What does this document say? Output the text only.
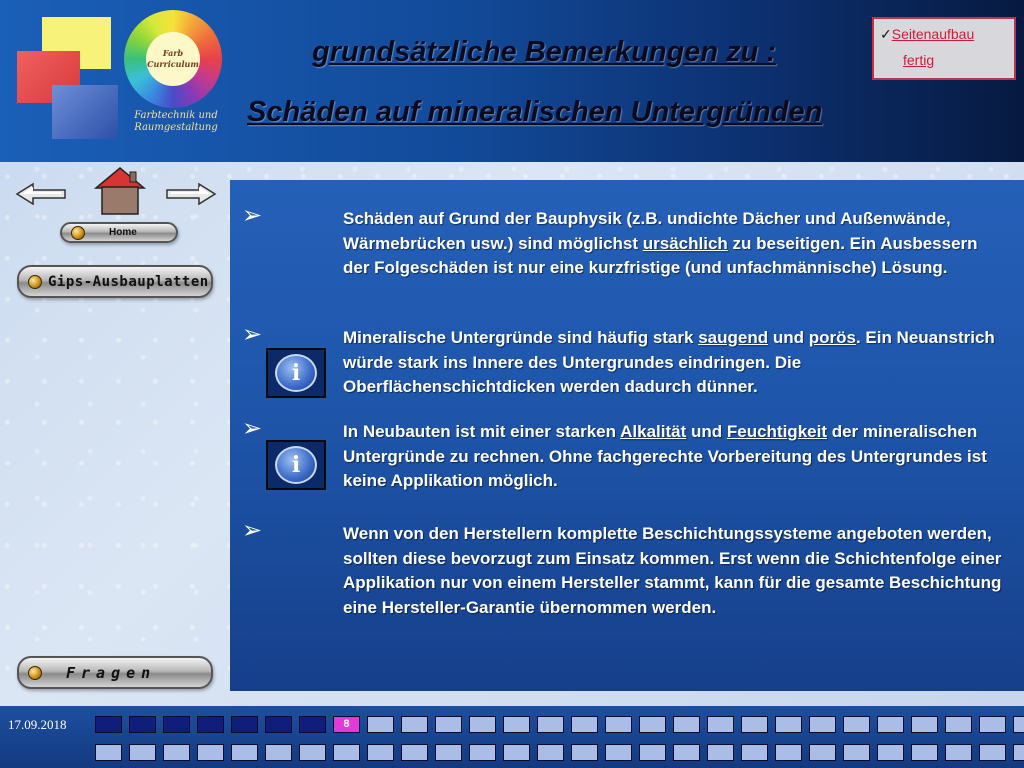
Farb
Curriculum
Farbtechnik und
Raumgestaltung
grundsätzliche Bemerkungen zu :
Schäden auf mineralischen Untergründen
✓Seitenaufbau
fertig
Home
Gips-Ausbauplatten
Fragen
➢	Schäden auf Grund der Bauphysik (z.B. undichte Dächer und Außenwände, Wärmebrücken usw.) sind möglichst ursächlich zu beseitigen. Ein Ausbessern der Folgeschäden ist nur eine kurzfristige (und unfachmännische) Lösung.
➢	Mineralische Untergründe sind häufig stark saugend und porös. Ein Neuanstrich würde stark ins Innere des Untergrundes eindringen. Die Oberflächenschichtdicken werden dadurch dünner.
i
➢	In Neubauten ist mit einer starken Alkalität und Feuchtigkeit der mineralischen Untergründe zu rechnen. Ohne fachgerechte Vorbereitung des Untergrundes ist keine Applikation möglich.
i
➢	Wenn von den Herstellern komplette Beschichtungssysteme angeboten werden, sollten diese bevorzugt zum Einsatz kommen. Erst wenn die Schichtenfolge einer Applikation nur von einem Hersteller stammt, kann für die gesamte Beschichtung eine Hersteller-Garantie übernommen werden.
17.09.2018	8
